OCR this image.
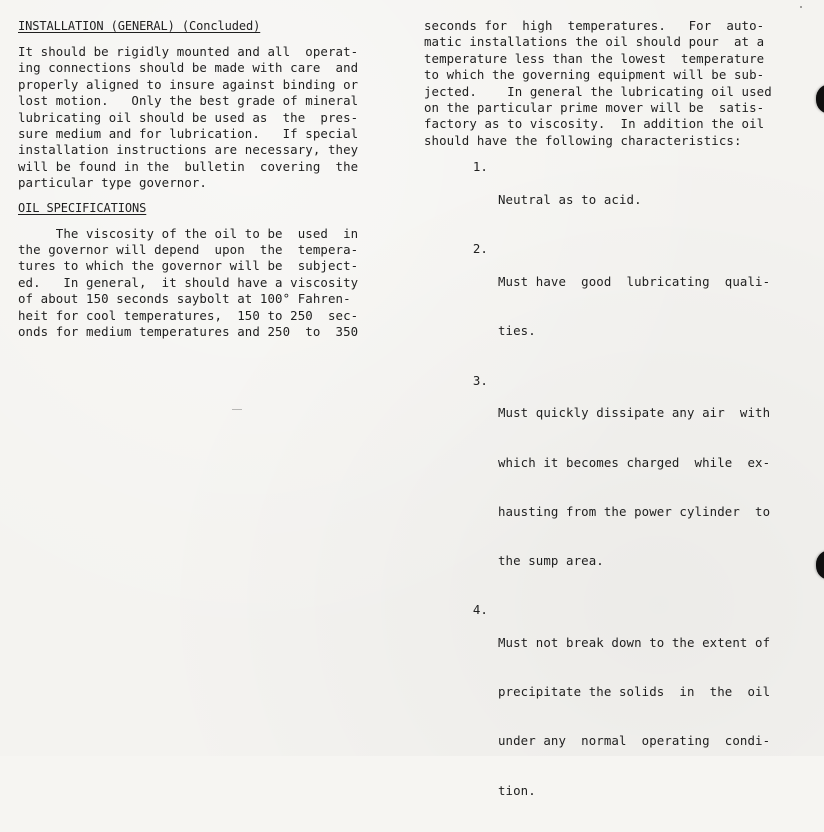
INSTALLATION (GENERAL) (Concluded)
It should be rigidly mounted and all  operat-
ing connections should be made with care  and
properly aligned to insure against binding or
lost motion.   Only the best grade of mineral
lubricating oil should be used as  the  pres-
sure medium and for lubrication.   If special
installation instructions are necessary, they
will be found in the  bulletin  covering  the
particular type governor.
OIL SPECIFICATIONS
The viscosity of the oil to be  used  in
the governor will depend  upon  the  tempera-
tures to which the governor will be  subject-
ed.   In general,  it should have a viscosity
of about 150 seconds saybolt at 100° Fahren-
heit for cool temperatures,  150 to 250  sec-
onds for medium temperatures and 250  to  350
seconds for  high  temperatures.   For  auto-
matic installations the oil should pour  at a
temperature less than the lowest  temperature
to which the governing equipment will be sub-
jected.    In general the lubricating oil used
on the particular prime mover will be  satis-
factory as to viscosity.  In addition the oil
should have the following characteristics:
1.

Neutral as to acid.

2.

Must have  good  lubricating  quali-

ties.

3.

Must quickly dissipate any air  with

which it becomes charged  while  ex-

hausting from the power cylinder  to

the sump area.

4.

Must not break down to the extent of

precipitate the solids  in  the  oil

under any  normal  operating  condi-

tion.
